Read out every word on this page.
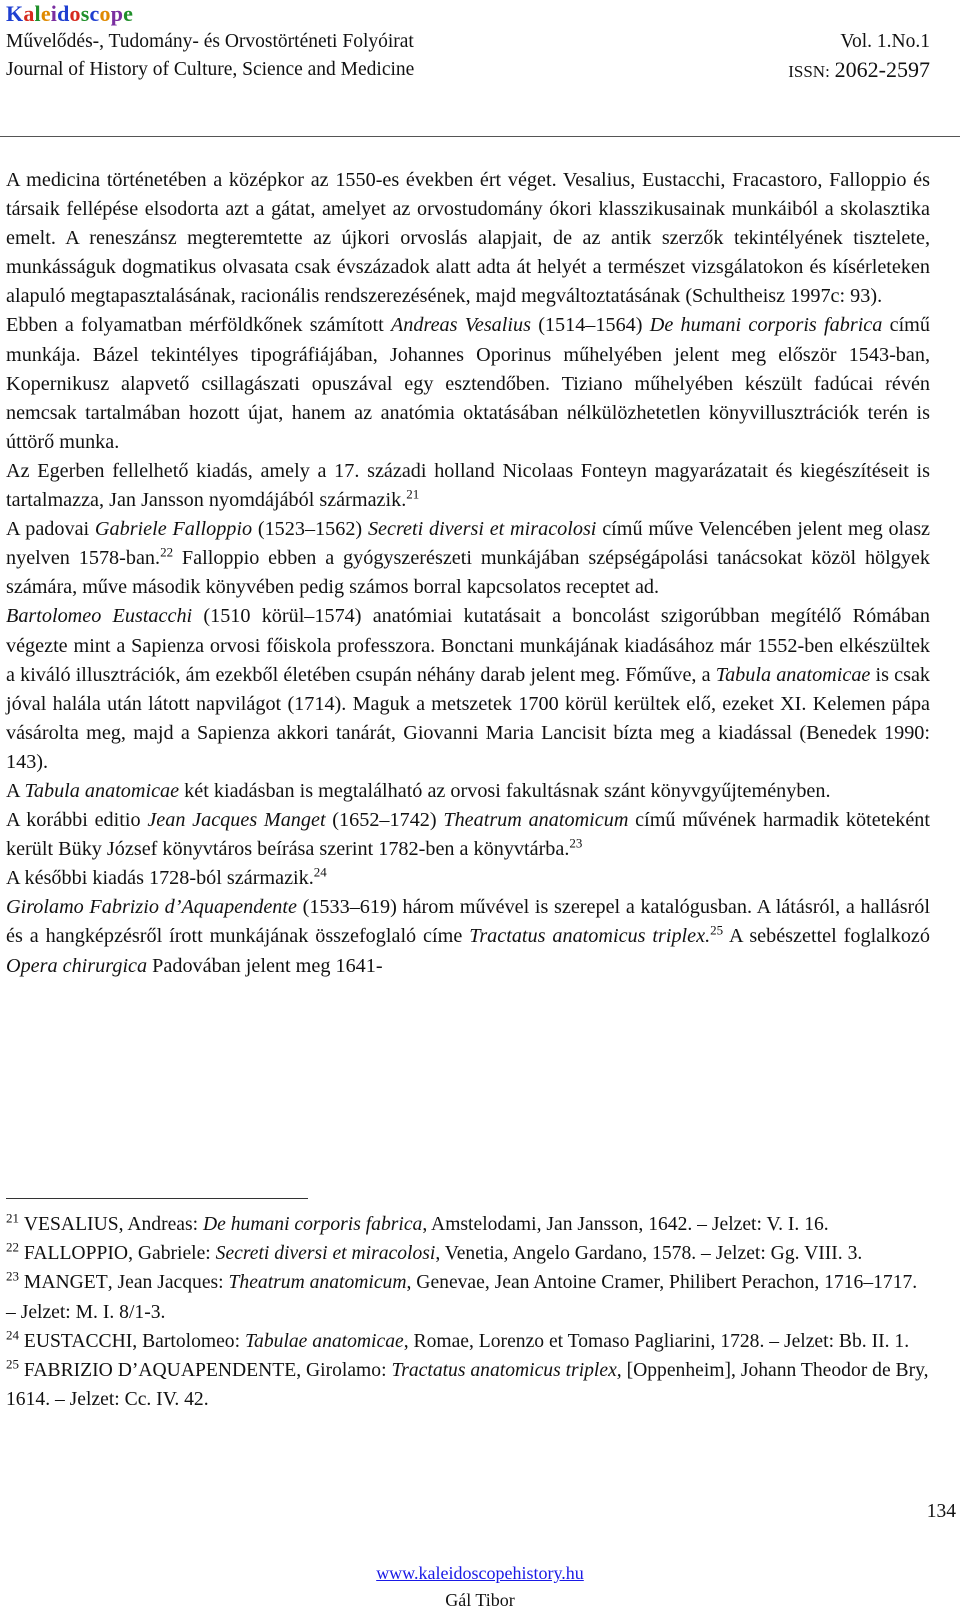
Kaleidoscope
Művelődés-, Tudomány- és Orvostörténeti Folyóirat	Vol. 1.No.1
Journal of History of Culture, Science and Medicine	ISSN: 2062-2597

A medicina történetében a középkor az 1550-es években ért véget. Vesalius, Eustacchi, Fracastoro, Falloppio és társaik fellépése elsodorta azt a gátat, amelyet az orvostudomány ókori klasszikusainak munkáiból a skolasztika emelt. A reneszánsz megteremtette az újkori orvoslás alapjait, de az antik szerzők tekintélyének tisztelete, munkásságuk dogmatikus olvasata csak évszázadok alatt adta át helyét a természet vizsgálatokon és kísérleteken alapuló megtapasztalásának, racionális rendszerezésének, majd megváltoztatásának (Schultheisz 1997c: 93).

Ebben a folyamatban mérföldkőnek számított Andreas Vesalius (1514–1564) De humani corporis fabrica című munkája. Bázel tekintélyes tipográfiájában, Johannes Oporinus műhelyében jelent meg először 1543-ban, Kopernikusz alapvető csillagászati opuszával egy esztendőben. Tiziano műhelyében készült fadúcai révén nemcsak tartalmában hozott újat, hanem az anatómia oktatásában nélkülözhetetlen könyvillusztrációk terén is úttörő munka.

Az Egerben fellelhető kiadás, amely a 17. századi holland Nicolaas Fonteyn magyarázatait és kiegészítéseit is tartalmazza, Jan Jansson nyomdájából származik.$^{21}$

A padovai Gabriele Falloppio (1523–1562) Secreti diversi et miracolosi című műve Velencében jelent meg olasz nyelven 1578-ban.$^{22}$ Falloppio ebben a gyógyszerészeti munkájában szépségápolási tanácsokat közöl hölgyek számára, műve második könyvében pedig számos borral kapcsolatos receptet ad.

Bartolomeo Eustacchi (1510 körül–1574) anatómiai kutatásait a boncolást szigorúbban megítélő Rómában végezte mint a Sapienza orvosi főiskola professzora. Bonctani munkájának kiadásához már 1552-ben elkészültek a kiváló illusztrációk, ám ezekből életében csupán néhány darab jelent meg. Főműve, a Tabula anatomicae is csak jóval halála után látott napvilágot (1714). Maguk a metszetek 1700 körül kerültek elő, ezeket XI. Kelemen pápa vásárolta meg, majd a Sapienza akkori tanárát, Giovanni Maria Lancisit bízta meg a kiadással (Benedek 1990: 143).

A Tabula anatomicae két kiadásban is megtalálható az orvosi fakultásnak szánt könyvgyűjteményben.

A korábbi editio Jean Jacques Manget (1652–1742) Theatrum anatomicum című művének harmadik köteteként került Büky József könyvtáros beírása szerint 1782-ben a könyvtárba.$^{23}$

A későbbi kiadás 1728-ból származik.$^{24}$

Girolamo Fabrizio d’Aquapendente (1533–619) három művével is szerepel a katalógusban. A látásról, a hallásról és a hangképzésről írott munkájának összefoglaló címe Tractatus anatomicus triplex.$^{25}$ A sebészettel foglalkozó Opera chirurgica Padovában jelent meg 1641-

$^{21}$ VESALIUS, Andreas: De humani corporis fabrica, Amstelodami, Jan Jansson, 1642. – Jelzet: V. I. 16.

$^{22}$ FALLOPPIO, Gabriele: Secreti diversi et miracolosi, Venetia, Angelo Gardano, 1578. – Jelzet: Gg. VIII. 3.

$^{23}$ MANGET, Jean Jacques: Theatrum anatomicum, Genevae, Jean Antoine Cramer, Philibert Perachon, 1716–1717. – Jelzet: M. I. 8/1-3.

$^{24}$ EUSTACCHI, Bartolomeo: Tabulae anatomicae, Romae, Lorenzo et Tomaso Pagliarini, 1728. – Jelzet: Bb. II. 1.

$^{25}$ FABRIZIO D’AQUAPENDENTE, Girolamo: Tractatus anatomicus triplex, [Oppenheim], Johann Theodor de Bry, 1614. – Jelzet: Cc. IV. 42.

134
www.kaleidoscopehistory.hu
Gál Tibor
